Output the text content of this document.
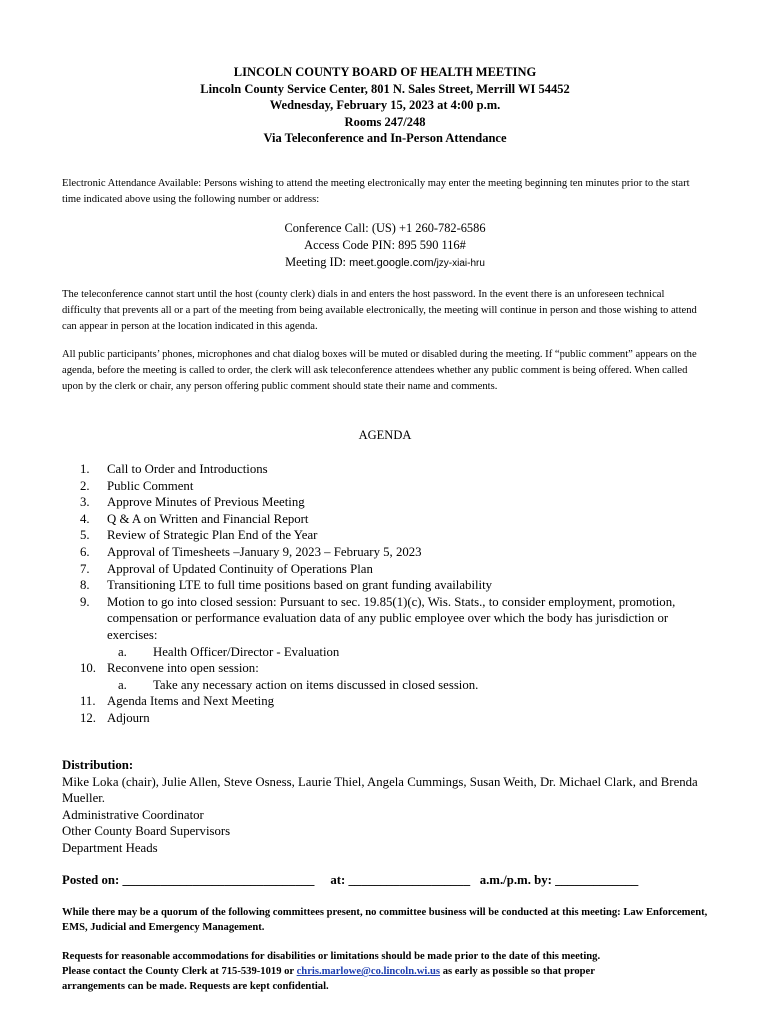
LINCOLN COUNTY BOARD OF HEALTH MEETING
Lincoln County Service Center, 801 N. Sales Street, Merrill WI 54452
Wednesday, February 15, 2023 at 4:00 p.m.
Rooms 247/248
Via Teleconference and In-Person Attendance
Electronic Attendance Available: Persons wishing to attend the meeting electronically may enter the meeting beginning ten minutes prior to the start time indicated above using the following number or address:
Conference Call: (US) +1 260-782-6586
Access Code PIN: 895 590 116#
Meeting ID: meet.google.com/jzy-xiai-hru
The teleconference cannot start until the host (county clerk) dials in and enters the host password. In the event there is an unforeseen technical difficulty that prevents all or a part of the meeting from being available electronically, the meeting will continue in person and those wishing to attend can appear in person at the location indicated in this agenda.
All public participants’ phones, microphones and chat dialog boxes will be muted or disabled during the meeting. If “public comment” appears on the agenda, before the meeting is called to order, the clerk will ask teleconference attendees whether any public comment is being offered. When called upon by the clerk or chair, any person offering public comment should state their name and comments.
AGENDA
1.	Call to Order and Introductions
2.	Public Comment
3.	Approve Minutes of Previous Meeting
4.	Q & A on Written and Financial Report
5.	Review of Strategic Plan End of the Year
6.	Approval of Timesheets –January 9, 2023 – February 5, 2023
7.	Approval of Updated Continuity of Operations Plan
8.	Transitioning LTE to full time positions based on grant funding availability
9.	Motion to go into closed session: Pursuant to sec. 19.85(1)(c), Wis. Stats., to consider employment, promotion, compensation or performance evaluation data of any public employee over which the body has jurisdiction or exercises:
a.	Health Officer/Director - Evaluation
10. Reconvene into open session:
a.	Take any necessary action on items discussed in closed session.
11. Agenda Items and Next Meeting
12. Adjourn
Distribution:
Mike Loka (chair), Julie Allen, Steve Osness, Laurie Thiel, Angela Cummings, Susan Weith, Dr. Michael Clark, and Brenda Mueller.
Administrative Coordinator
Other County Board Supervisors
Department Heads
Posted on: ______________________________ at: ___________________ a.m./p.m. by: _____________
While there may be a quorum of the following committees present, no committee business will be conducted at this meeting: Law Enforcement, EMS, Judicial and Emergency Management.
Requests for reasonable accommodations for disabilities or limitations should be made prior to the date of this meeting. Please contact the County Clerk at 715-539-1019 or chris.marlowe@co.lincoln.wi.us as early as possible so that proper arrangements can be made. Requests are kept confidential.
